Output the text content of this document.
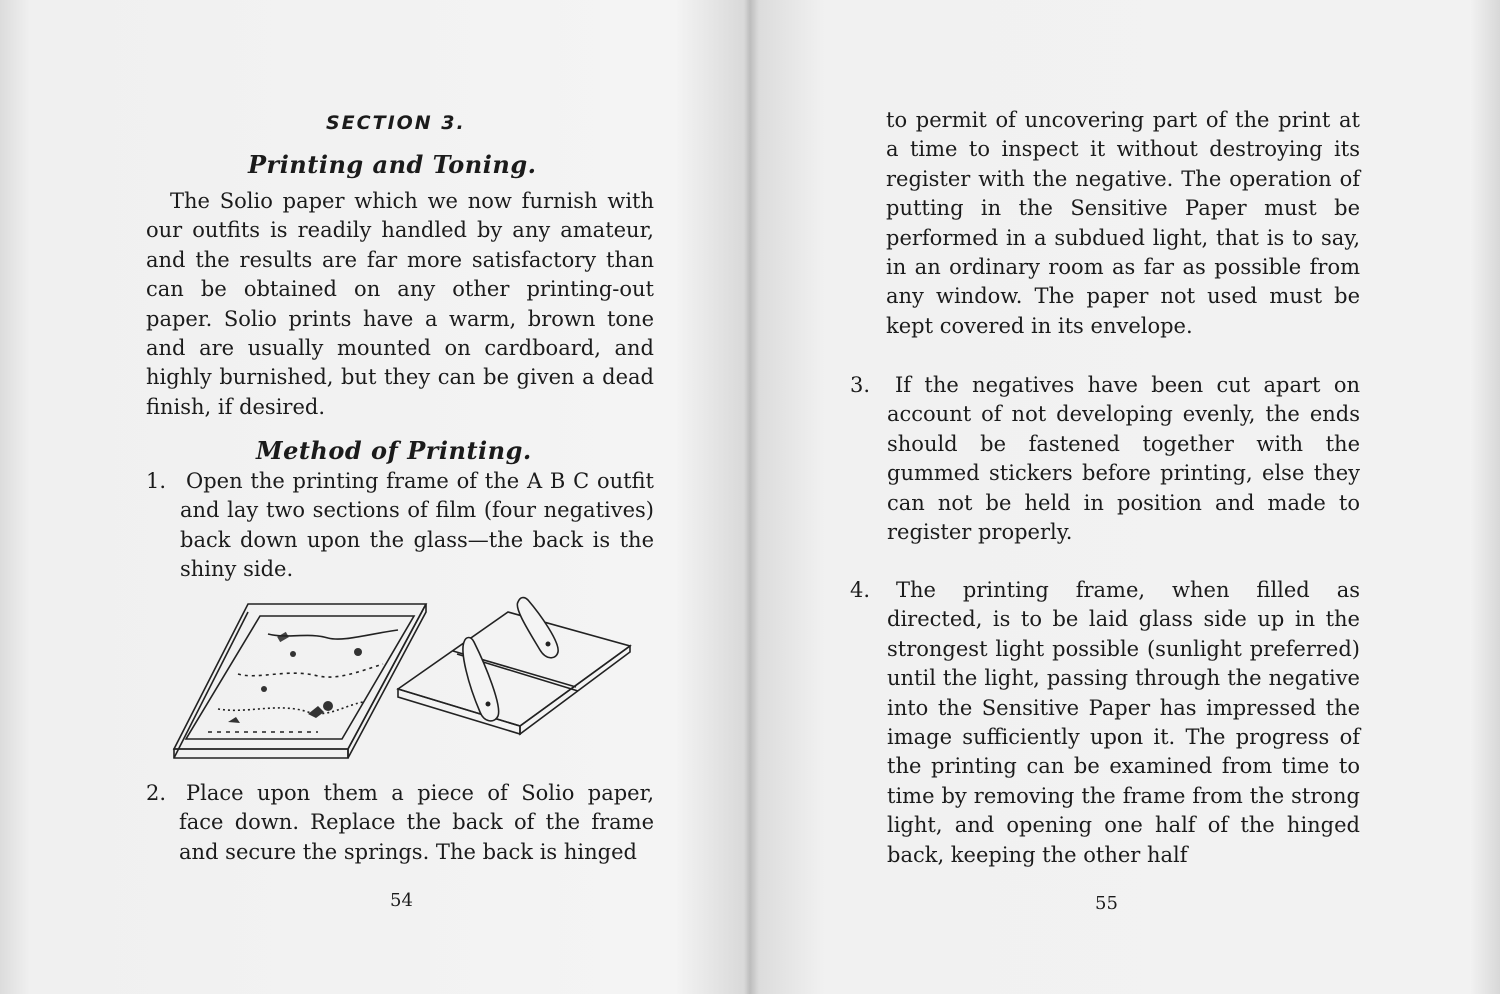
SECTION 3.
Printing and Toning.
The Solio paper which we now furnish with our outfits is readily handled by any amateur, and the results are far more satisfactory than can be obtained on any other printing-out paper. Solio prints have a warm, brown tone and are usually mounted on cardboard, and highly burnished, but they can be given a dead finish, if desired.
Method of Printing.
1. Open the printing frame of the A B C outfit and lay two sections of film (four negatives) back down upon the glass—the back is the shiny side.
2. Place upon them a piece of Solio paper, face down. Replace the back of the frame and secure the springs. The back is hinged
54
to permit of uncovering part of the print at a time to inspect it without destroying its register with the negative. The operation of putting in the Sensitive Paper must be performed in a subdued light, that is to say, in an ordinary room as far as possible from any window. The paper not used must be kept covered in its envelope.
3.	If the negatives have been cut apart on account of not developing evenly, the ends should be fastened together with the gummed stickers before printing, else they can not be held in position and made to register properly.
4.	The printing frame, when filled as directed, is to be laid glass side up in the strongest light possible (sunlight preferred) until the light, passing through the negative into the Sensitive Paper has impressed the image sufficiently upon it. The progress of the printing can be examined from time to time by removing the frame from the strong light, and opening one half of the hinged back, keeping the other half
55
